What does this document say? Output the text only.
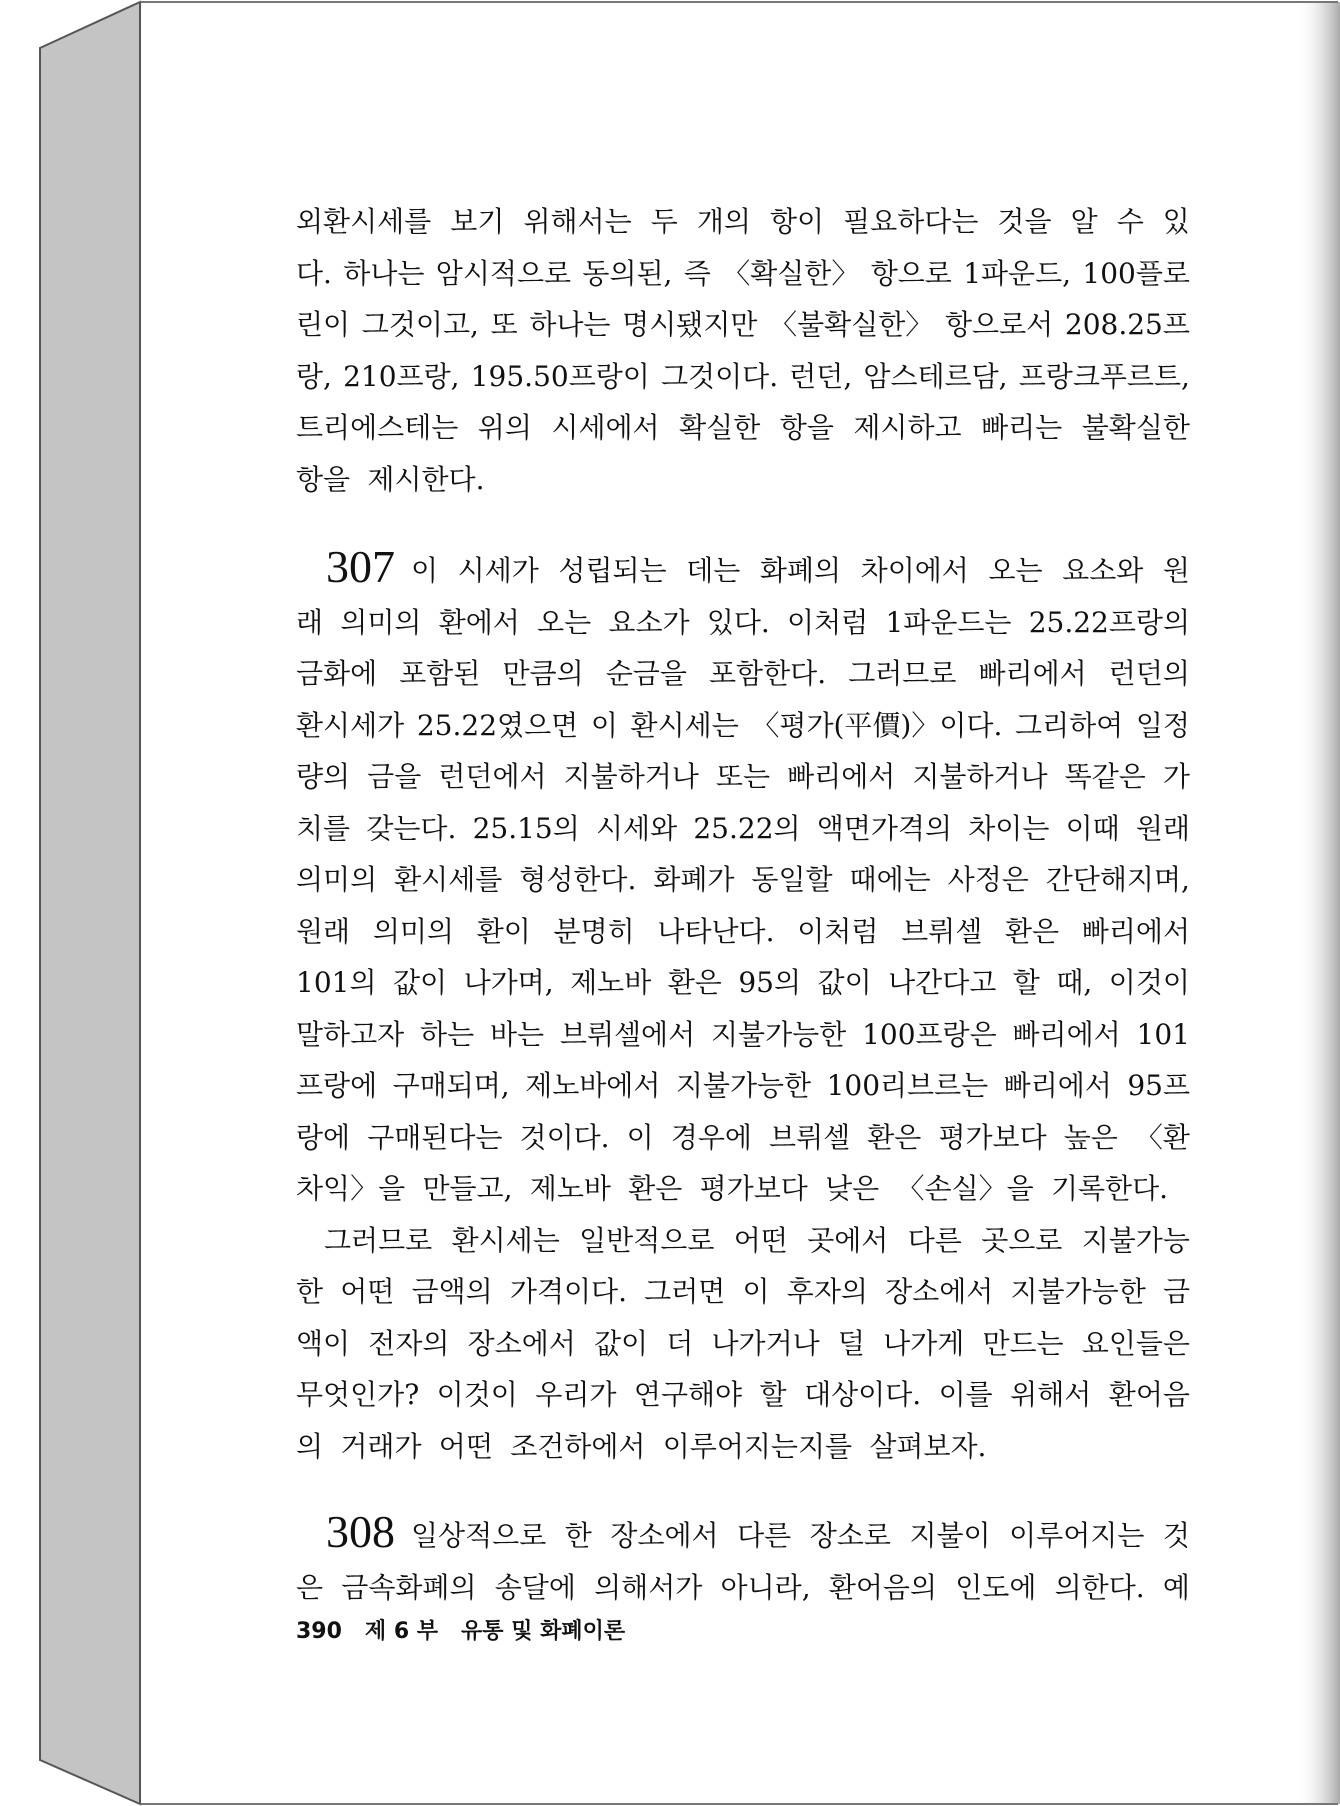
외환시세를 보기 위해서는 두 개의 항이 필요하다는 것을 알 수 있
다. 하나는 암시적으로 동의된, 즉 〈확실한〉 항으로 1파운드, 100플로
린이 그것이고, 또 하나는 명시됐지만 〈불확실한〉 항으로서 208.25프
랑, 210프랑, 195.50프랑이 그것이다. 런던, 암스테르담, 프랑크푸르트,
트리에스테는 위의 시세에서 확실한 항을 제시하고 빠리는 불확실한
항을 제시한다.
307 이 시세가 성립되는 데는 화폐의 차이에서 오는 요소와 원
래 의미의 환에서 오는 요소가 있다. 이처럼 1파운드는 25.22프랑의
금화에 포함된 만큼의 순금을 포함한다. 그러므로 빠리에서 런던의
환시세가 25.22였으면 이 환시세는 〈평가(平價)〉이다. 그리하여 일정
량의 금을 런던에서 지불하거나 또는 빠리에서 지불하거나 똑같은 가
치를 갖는다. 25.15의 시세와 25.22의 액면가격의 차이는 이때 원래
의미의 환시세를 형성한다. 화폐가 동일할 때에는 사정은 간단해지며,
원래 의미의 환이 분명히 나타난다. 이처럼 브뤼셀 환은 빠리에서
101의 값이 나가며, 제노바 환은 95의 값이 나간다고 할 때, 이것이
말하고자 하는 바는 브뤼셀에서 지불가능한 100프랑은 빠리에서 101
프랑에 구매되며, 제노바에서 지불가능한 100리브르는 빠리에서 95프
랑에 구매된다는 것이다. 이 경우에 브뤼셀 환은 평가보다 높은 〈환
차익〉을 만들고, 제노바 환은 평가보다 낮은 〈손실〉을 기록한다.
그러므로 환시세는 일반적으로 어떤 곳에서 다른 곳으로 지불가능
한 어떤 금액의 가격이다. 그러면 이 후자의 장소에서 지불가능한 금
액이 전자의 장소에서 값이 더 나가거나 덜 나가게 만드는 요인들은
무엇인가? 이것이 우리가 연구해야 할 대상이다. 이를 위해서 환어음
의 거래가 어떤 조건하에서 이루어지는지를 살펴보자.
308 일상적으로 한 장소에서 다른 장소로 지불이 이루어지는 것
은 금속화폐의 송달에 의해서가 아니라, 환어음의 인도에 의한다. 예
390 제 6 부 유통 및 화폐이론
